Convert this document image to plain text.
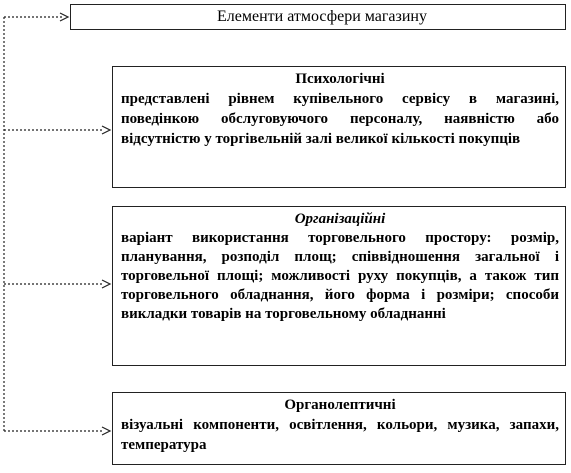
Елементи атмосфери магазину
Психологічні
представлені рівнем купівельного сервісу в магазині, поведінкою обслуговуючого персоналу, наявністю або відсутністю у торгівельній залі великої кількості покупців
Організаційні
варіант використання торговельного простору: розмір, планування, розподіл площ; співвідношення загальної і торговельної площі; можливості руху покупців, а також тип торговельного обладнання, його форма і розміри; способи викладки товарів на торговельному обладнанні
Органолептичні
візуальні компоненти, освітлення, кольори, музика, запахи, температура
